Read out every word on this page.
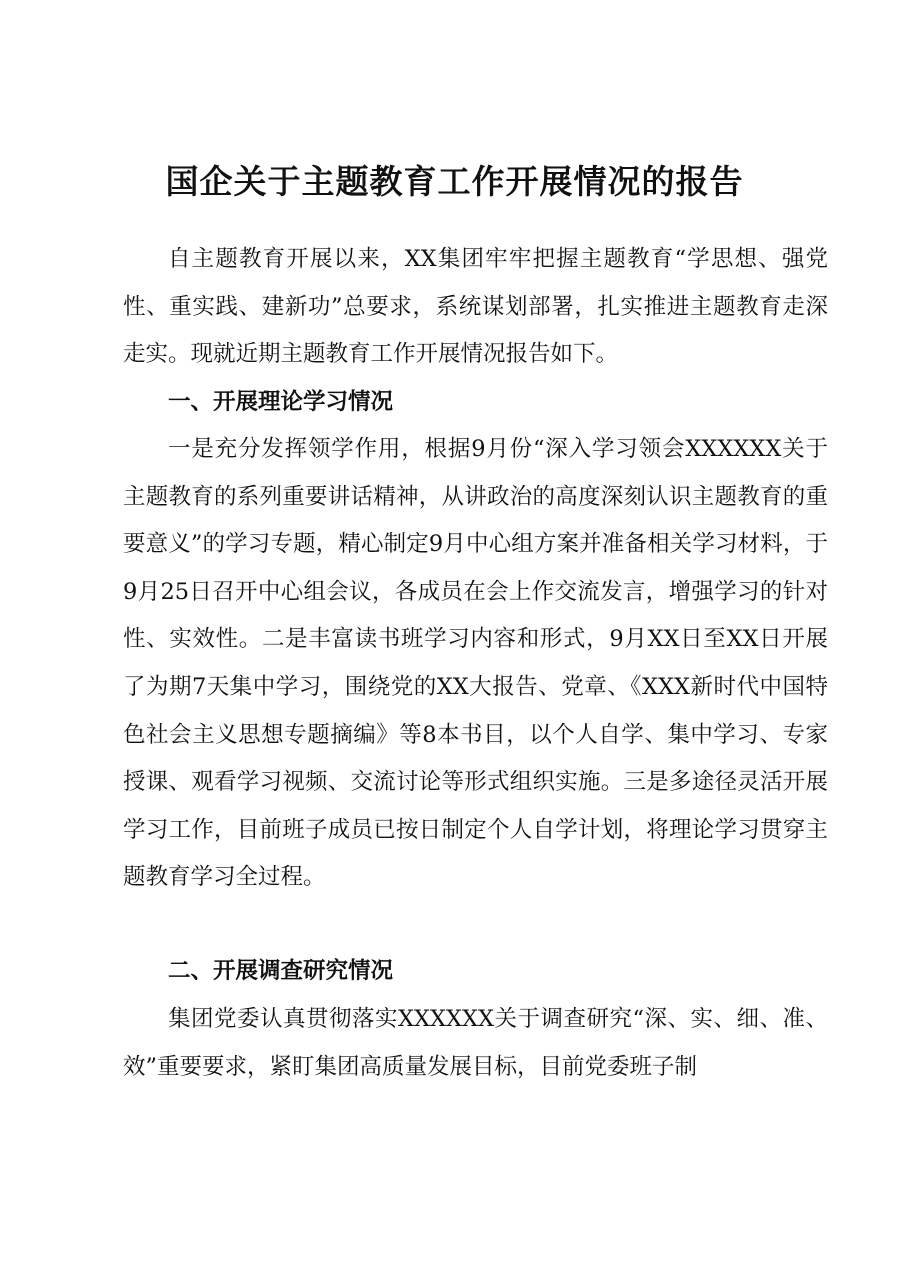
国企关于主题教育工作开展情况的报告

自主题教育开展以来，XX集团牢牢把握主题教育“学思想、强党性、重实践、建新功”总要求，系统谋划部署，扎实推进主题教育走深走实。现就近期主题教育工作开展情况报告如下。

一、开展理论学习情况

一是充分发挥领学作用，根据9月份“深入学习领会XXXXXX关于主题教育的系列重要讲话精神，从讲政治的高度深刻认识主题教育的重要意义”的学习专题，精心制定9月中心组方案并准备相关学习材料，于9月25日召开中心组会议，各成员在会上作交流发言，增强学习的针对性、实效性。二是丰富读书班学习内容和形式，9月XX日至XX日开展了为期7天集中学习，围绕党的XX大报告、党章、《XXX新时代中国特色社会主义思想专题摘编》等8本书目，以个人自学、集中学习、专家授课、观看学习视频、交流讨论等形式组织实施。三是多途径灵活开展学习工作，目前班子成员已按日制定个人自学计划，将理论学习贯穿主题教育学习全过程。

二、开展调查研究情况

集团党委认真贯彻落实XXXXXX关于调查研究“深、实、细、准、效”重要要求，紧盯集团高质量发展目标，目前党委班子制
